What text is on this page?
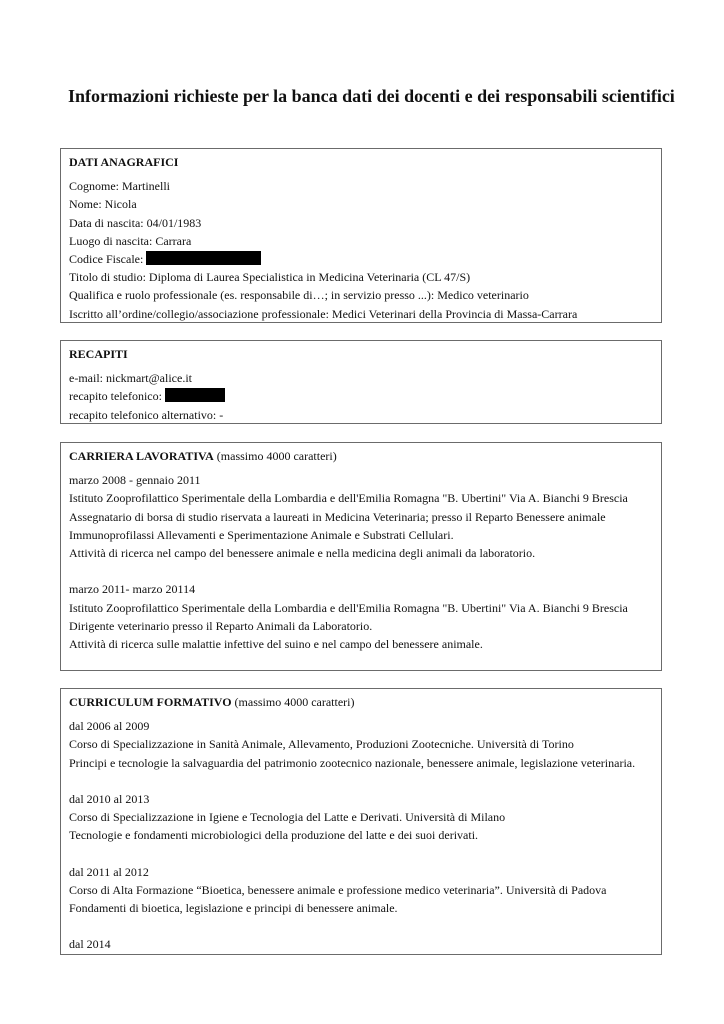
Informazioni richieste per la banca dati dei docenti e dei responsabili scientifici
DATI ANAGRAFICI
Cognome: Martinelli
Nome: Nicola
Data di nascita: 04/01/1983
Luogo di nascita: Carrara
Codice Fiscale:
Titolo di studio: Diploma di Laurea Specialistica in Medicina Veterinaria (CL 47/S)
Qualifica e ruolo professionale (es. responsabile di…; in servizio presso ...): Medico veterinario
Iscritto all’ordine/collegio/associazione professionale: Medici Veterinari della Provincia di Massa-Carrara
RECAPITI
e-mail: nickmart@alice.it
recapito telefonico:
recapito telefonico alternativo: -
CARRIERA LAVORATIVA (massimo 4000 caratteri)
marzo 2008 - gennaio 2011
Istituto Zooprofilattico Sperimentale della Lombardia e dell'Emilia Romagna "B. Ubertini" Via A. Bianchi 9 Brescia
Assegnatario di borsa di studio riservata a laureati in Medicina Veterinaria; presso il Reparto Benessere animale
Immunoprofilassi Allevamenti e Sperimentazione Animale e Substrati Cellulari.
Attività di ricerca nel campo del benessere animale e nella medicina degli animali da laboratorio.
marzo 2011- marzo 20114
Istituto Zooprofilattico Sperimentale della Lombardia e dell'Emilia Romagna "B. Ubertini" Via A. Bianchi 9 Brescia
Dirigente veterinario presso il Reparto Animali da Laboratorio.
Attività di ricerca sulle malattie infettive del suino e nel campo del benessere animale.
CURRICULUM FORMATIVO (massimo 4000 caratteri)
dal 2006 al 2009
Corso di Specializzazione in Sanità Animale, Allevamento, Produzioni Zootecniche. Università di Torino
Principi e tecnologie la salvaguardia del patrimonio zootecnico nazionale, benessere animale, legislazione veterinaria.
dal 2010 al 2013
Corso di Specializzazione in Igiene e Tecnologia del Latte e Derivati. Università di Milano
Tecnologie e fondamenti microbiologici della produzione del latte e dei suoi derivati.
dal 2011 al 2012
Corso di Alta Formazione “Bioetica, benessere animale e professione medico veterinaria”. Università di Padova
Fondamenti di bioetica, legislazione e principi di benessere animale.
dal 2014
